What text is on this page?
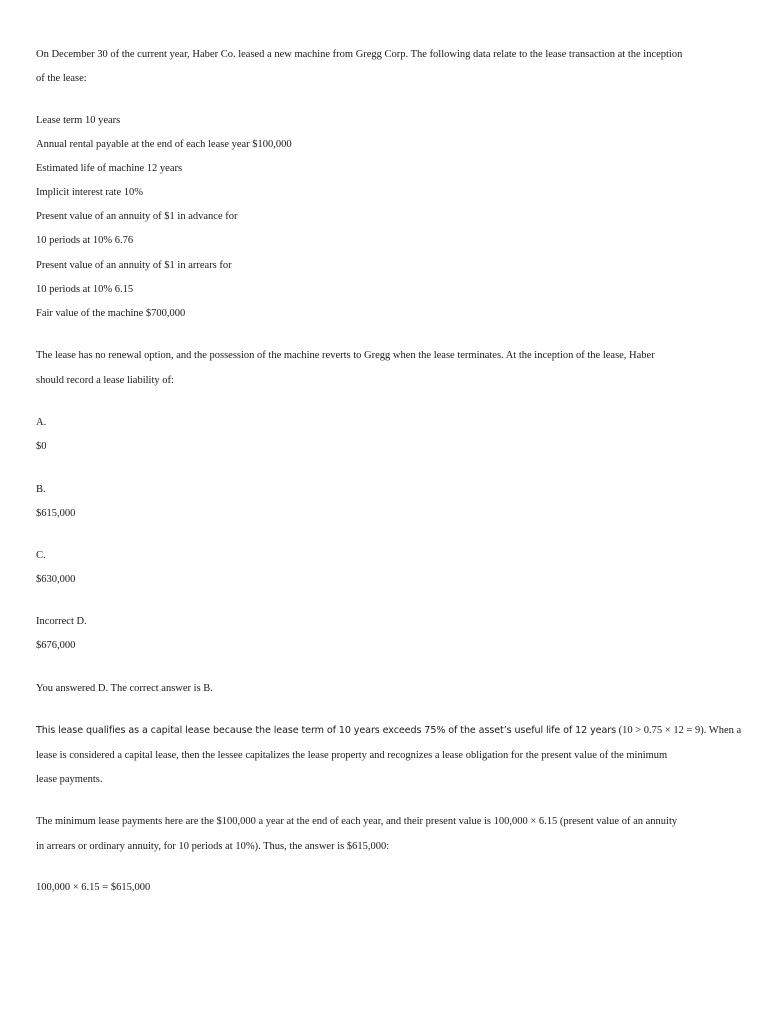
On December 30 of the current year, Haber Co. leased a new machine from Gregg Corp. The following data relate to the lease transaction at the inception
of the lease:
Lease term 10 years
Annual rental payable at the end of each lease year $100,000
Estimated life of machine 12 years
Implicit interest rate 10%
Present value of an annuity of $1 in advance for
10 periods at 10% 6.76
Present value of an annuity of $1 in arrears for
10 periods at 10% 6.15
Fair value of the machine $700,000
The lease has no renewal option, and the possession of the machine reverts to Gregg when the lease terminates. At the inception of the lease, Haber
should record a lease liability of:
A.
$0
B.
$615,000
C.
$630,000
Incorrect D.
$676,000
You answered D. The correct answer is B.
This lease qualifies as a capital lease because the lease term of 10 years exceeds 75% of the asset’s useful life of 12 years (10 > 0.75 × 12 = 9). When a
lease is considered a capital lease, then the lessee capitalizes the lease property and recognizes a lease obligation for the present value of the minimum
lease payments.
The minimum lease payments here are the $100,000 a year at the end of each year, and their present value is 100,000 × 6.15 (present value of an annuity
in arrears or ordinary annuity, for 10 periods at 10%). Thus, the answer is $615,000:
100,000 × 6.15 = $615,000
